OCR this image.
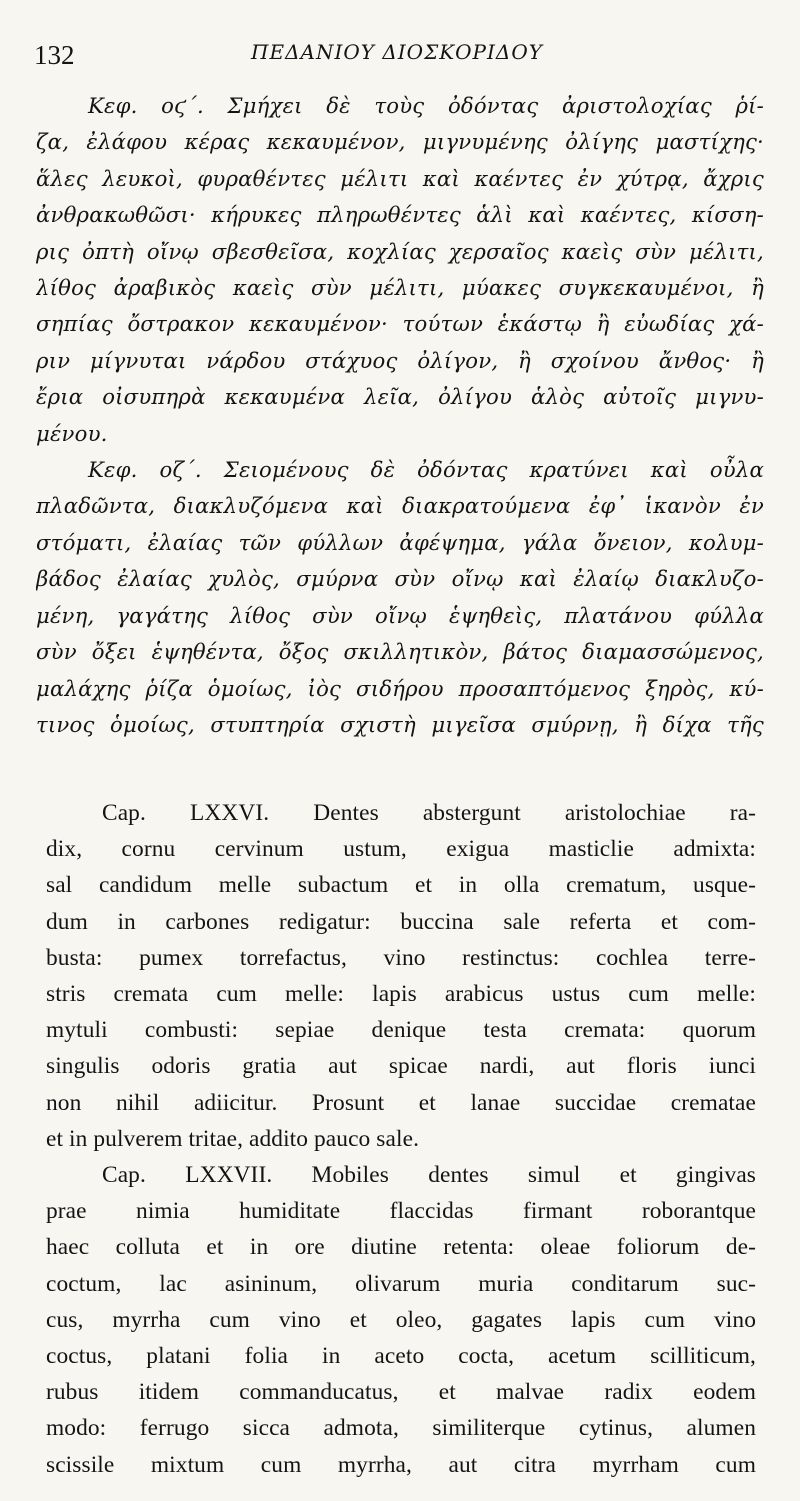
132	ΠΕΔΑΝΙΟΥ ΔΙΟΣΚΟΡΙΔΟΥ
Κεφ. οϛ΄. Σμήχει δὲ τοὺς ὀδόντας ἀριστολοχίας ῥί-
ζα, ἐλάφου κέρας κεκαυμένον, μιγνυμένης ὀλίγης μαστίχης·
ἅλες λευκοὶ, φυραθέντες μέλιτι καὶ καέντες ἐν χύτρᾳ, ἄχρις
ἀνθρακωθῶσι· κήρυκες πληρωθέντες ἁλὶ καὶ καέντες, κίσση-
ρις ὀπτὴ οἴνῳ σβεσθεῖσα, κοχλίας χερσαῖος καεὶς σὺν μέλιτι,
λίθος ἀραβικὸς καεὶς σὺν μέλιτι, μύακες συγκεκαυμένοι, ἢ
σηπίας ὄστρακον κεκαυμένον· τούτων ἑκάστῳ ἢ εὐωδίας χά-
ριν μίγνυται νάρδου στάχυος ὀλίγον, ἢ σχοίνου ἄνθος· ἢ
ἔρια οἰσυπηρὰ κεκαυμένα λεῖα, ὀλίγου ἁλὸς αὐτοῖς μιγνυ-
μένου.
Κεφ. οζ΄. Σειομένους δὲ ὀδόντας κρατύνει καὶ οὖλα
πλαδῶντα, διακλυζόμενα καὶ διακρατούμενα ἐφ᾽ ἱκανὸν ἐν
στόματι, ἐλαίας τῶν φύλλων ἀφέψημα, γάλα ὄνειον, κολυμ-
βάδος ἐλαίας χυλὸς, σμύρνα σὺν οἴνῳ καὶ ἐλαίῳ διακλυζο-
μένη, γαγάτης λίθος σὺν οἴνῳ ἑψηθεὶς, πλατάνου φύλλα
σὺν ὄξει ἑψηθέντα, ὄξος σκιλλητικὸν, βάτος διαμασσώμενος,
μαλάχης ῥίζα ὁμοίως, ἰὸς σιδήρου προσαπτόμενος ξηρὸς, κύ-
τινος ὁμοίως, στυπτηρία σχιστὴ μιγεῖσα σμύρνῃ, ἢ δίχα τῆς
Cap. LXXVI. Dentes abstergunt aristolochiae ra-
dix, cornu cervinum ustum, exigua masticlie admixta:
sal candidum melle subactum et in olla crematum, usque-
dum in carbones redigatur: buccina sale referta et com-
busta: pumex torrefactus, vino restinctus: cochlea terre-
stris cremata cum melle: lapis arabicus ustus cum melle:
mytuli combusti: sepiae denique testa cremata: quorum
singulis odoris gratia aut spicae nardi, aut floris iunci
non nihil adiicitur. Prosunt et lanae succidae crematae
et in pulverem tritae, addito pauco sale.
Cap. LXXVII. Mobiles dentes simul et gingivas
prae nimia humiditate flaccidas firmant roborantque
haec colluta et in ore diutine retenta: oleae foliorum de-
coctum, lac asininum, olivarum muria conditarum suc-
cus, myrrha cum vino et oleo, gagates lapis cum vino
coctus, platani folia in aceto cocta, acetum scilliticum,
rubus itidem commanducatus, et malvae radix eodem
modo: ferrugo sicca admota, similiterque cytinus, alumen
scissile mixtum cum myrrha, aut citra myrrham cum
